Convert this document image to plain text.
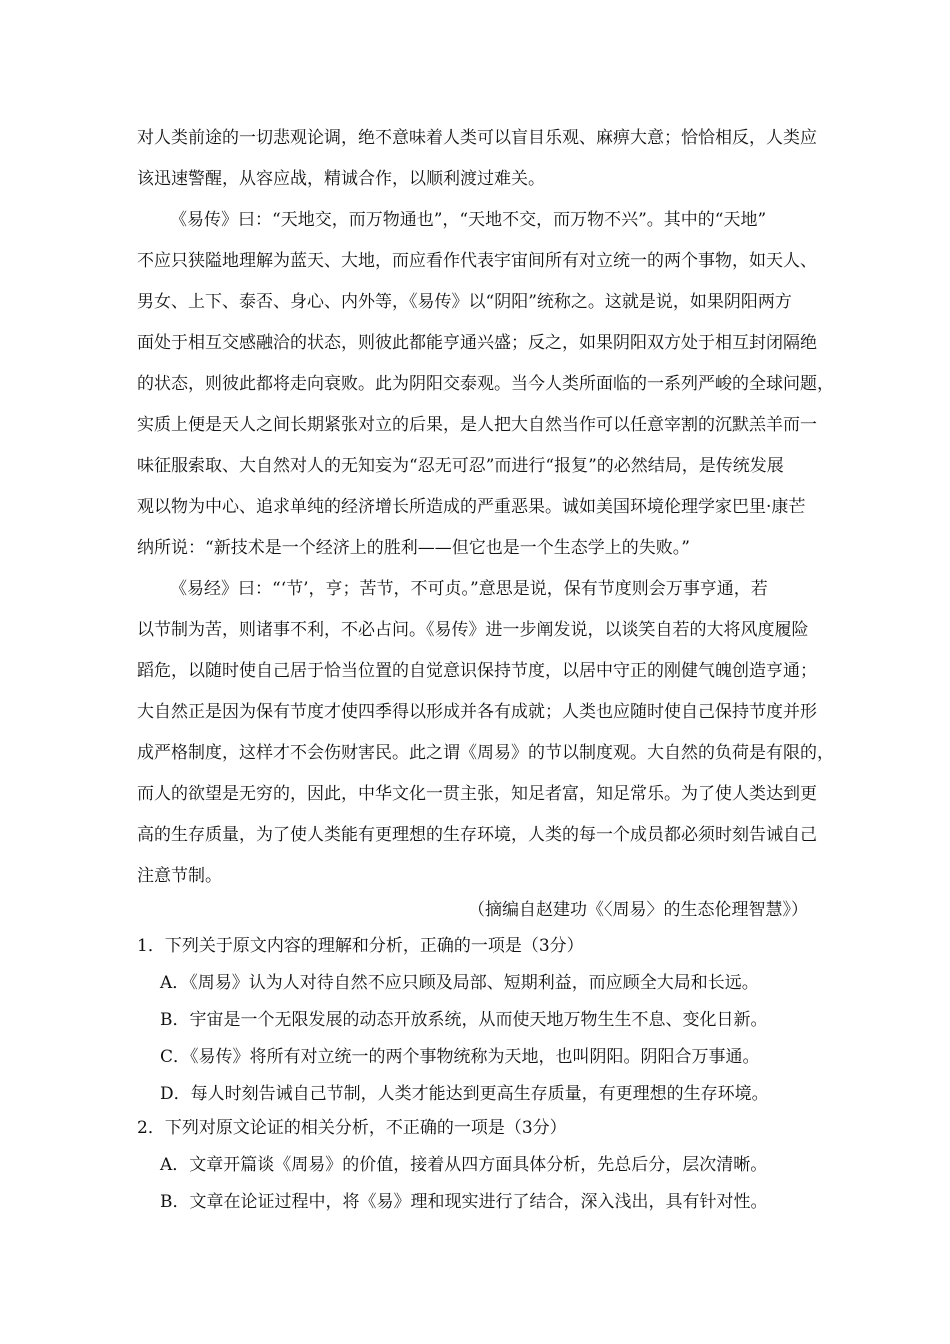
对人类前途的一切悲观论调，绝不意味着人类可以盲目乐观、麻痹大意；恰恰相反，人类应
该迅速警醒，从容应战，精诚合作，以顺利渡过难关。
《易传》曰：“天地交，而万物通也”，“天地不交，而万物不兴”。其中的“天地”
不应只狭隘地理解为蓝天、大地，而应看作代表宇宙间所有对立统一的两个事物，如天人、
男女、上下、泰否、身心、内外等，《易传》以“阴阳”统称之。这就是说，如果阴阳两方
面处于相互交感融洽的状态，则彼此都能亨通兴盛；反之，如果阴阳双方处于相互封闭隔绝
的状态，则彼此都将走向衰败。此为阴阳交泰观。当今人类所面临的一系列严峻的全球问题，
实质上便是天人之间长期紧张对立的后果，是人把大自然当作可以任意宰割的沉默羔羊而一
味征服索取、大自然对人的无知妄为“忍无可忍”而进行“报复”的必然结局，是传统发展
观以物为中心、追求单纯的经济增长所造成的严重恶果。诚如美国环境伦理学家巴里·康芒
纳所说：“新技术是一个经济上的胜利——但它也是一个生态学上的失败。”
《易经》曰：“‘节’，亨；苦节，不可贞。”意思是说，保有节度则会万事亨通，若
以节制为苦，则诸事不利，不必占问。《易传》进一步阐发说，以谈笑自若的大将风度履险
蹈危，以随时使自己居于恰当位置的自觉意识保持节度，以居中守正的刚健气魄创造亨通；
大自然正是因为保有节度才使四季得以形成并各有成就；人类也应随时使自己保持节度并形
成严格制度，这样才不会伤财害民。此之谓《周易》的节以制度观。大自然的负荷是有限的，
而人的欲望是无穷的，因此，中华文化一贯主张，知足者富，知足常乐。为了使人类达到更
高的生存质量，为了使人类能有更理想的生存环境，人类的每一个成员都必须时刻告诫自己
注意节制。
（摘编自赵建功《〈周易〉的生态伦理智慧》）
1．下列关于原文内容的理解和分析，正确的一项是（3分）
A．《周易》认为人对待自然不应只顾及局部、短期利益，而应顾全大局和长远。
B．宇宙是一个无限发展的动态开放系统，从而使天地万物生生不息、变化日新。
C．《易传》将所有对立统一的两个事物统称为天地，也叫阴阳。阴阳合万事通。
D．每人时刻告诫自己节制，人类才能达到更高生存质量，有更理想的生存环境。
2．下列对原文论证的相关分析，不正确的一项是（3分）
A．文章开篇谈《周易》的价值，接着从四方面具体分析，先总后分，层次清晰。
B．文章在论证过程中，将《易》理和现实进行了结合，深入浅出，具有针对性。
